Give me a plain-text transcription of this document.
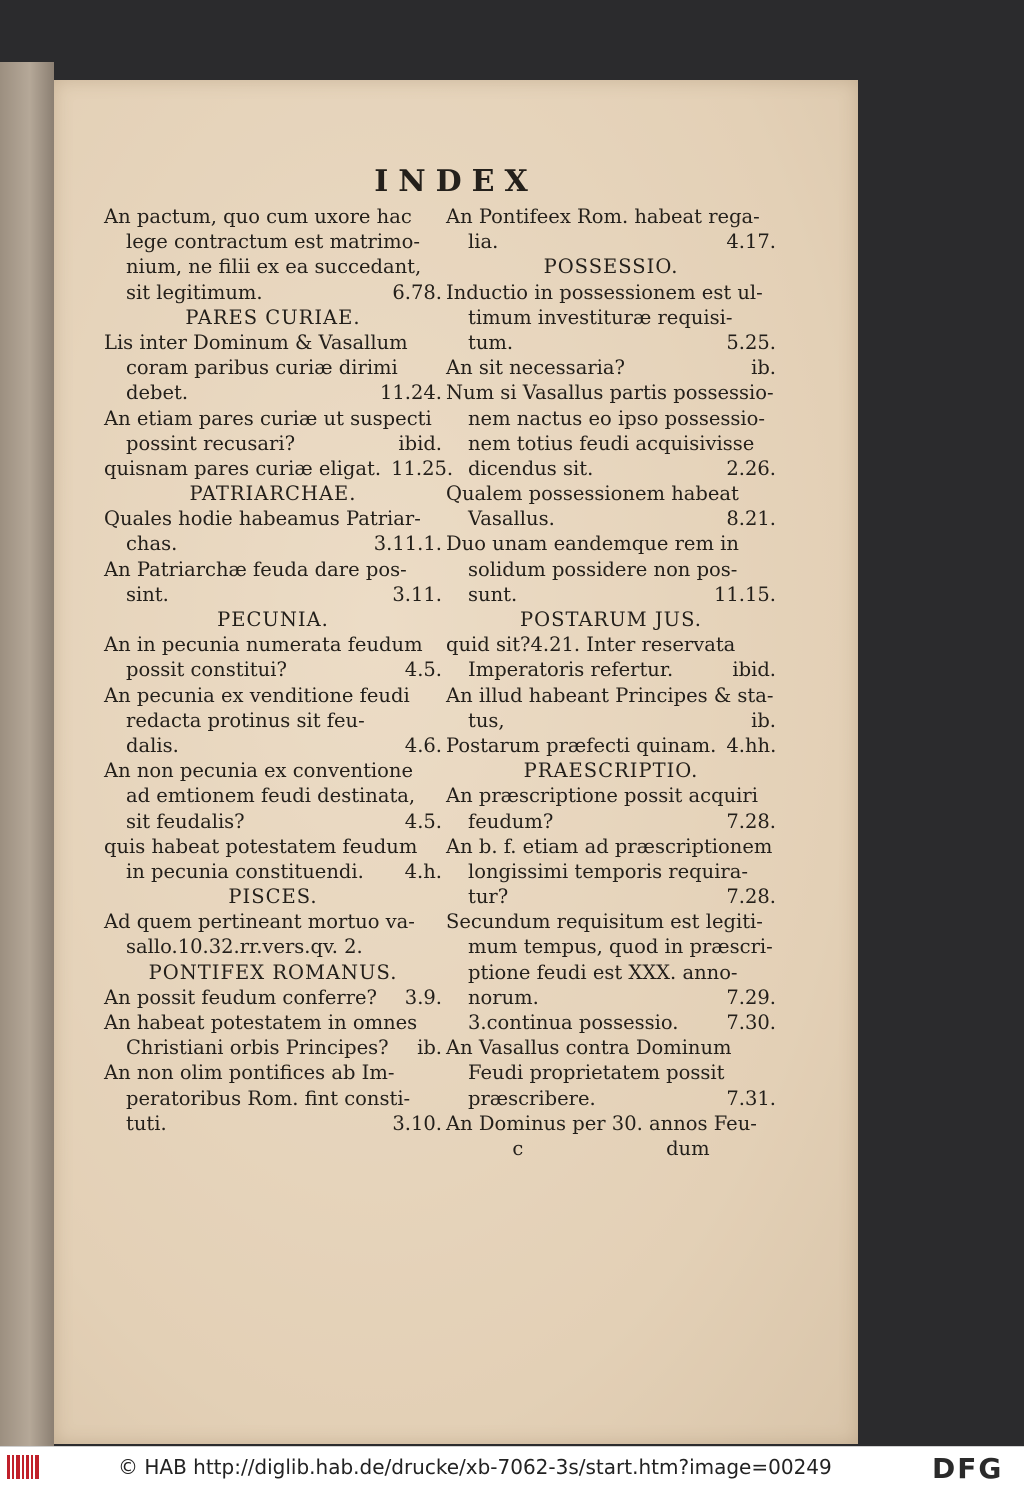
INDEX
An pactum, quo cum uxore hac
lege contractum est matrimo-
nium, ne filii ex ea succedant,
sit legitimum.	6.78.
PARES CURIAE.
Lis inter Dominum & Vasallum
coram paribus curiæ dirimi
debet.	11.24.
An etiam pares curiæ ut suspecti
possint recusari?	ibid.
quisnam pares curiæ eligat. 11.25.
PATRIARCHAE.
Quales hodie habeamus Patriar-
chas.	3.11.1.
An Patriarchæ feuda dare pos-
sint.	3.11.
PECUNIA.
An in pecunia numerata feudum
possit constitui?	4.5.
An pecunia ex venditione feudi
redacta protinus sit feu-
dalis.	4.6.
An non pecunia ex conventione
ad emtionem feudi destinata,
sit feudalis?	4.5.
quis habeat potestatem feudum
in pecunia constituendi.	4.h.
PISCES.
Ad quem pertineant mortuo va-
sallo.10.32.rr.vers.qv. 2.
PONTIFEX ROMANUS.
An possit feudum conferre?	3.9.
An habeat potestatem in omnes
Christiani orbis Principes?	ib.
An non olim pontifices ab Im-
peratoribus Rom. fint consti-
tuti.	3.10.
An Pontifeex Rom. habeat rega-
lia.	4.17.
POSSESSIO.
Inductio in possessionem est ul-
timum investituræ requisi-
tum.	5.25.
An sit necessaria?	ib.
Num si Vasallus partis possessio-
nem nactus eo ipso possessio-
nem totius feudi acquisivisse
dicendus sit.	2.26.
Qualem possessionem habeat
Vasallus.	8.21.
Duo unam eandemque rem in
solidum possidere non pos-
sunt.	11.15.
POSTARUM JUS.
quid sit?4.21. Inter reservata
Imperatoris refertur.	ibid.
An illud habeant Principes & sta-
tus,	ib.
Postarum præfecti quinam. 4.hh.
PRAESCRIPTIO.
An præscriptione possit acquiri
feudum?	7.28.
An b. f. etiam ad præscriptionem
longissimi temporis requira-
tur?	7.28.
Secundum requisitum est legiti-
mum tempus, quod in præscri-
ptione feudi est XXX. anno-
norum.	7.29.
3.continua possessio.	7.30.
An Vasallus contra Dominum
Feudi proprietatem possit
præscribere.	7.31.
An Dominus per 30. annos Feu-
c	dum
© HAB http://diglib.hab.de/drucke/xb-7062-3s/start.htm?image=00249	DFG
